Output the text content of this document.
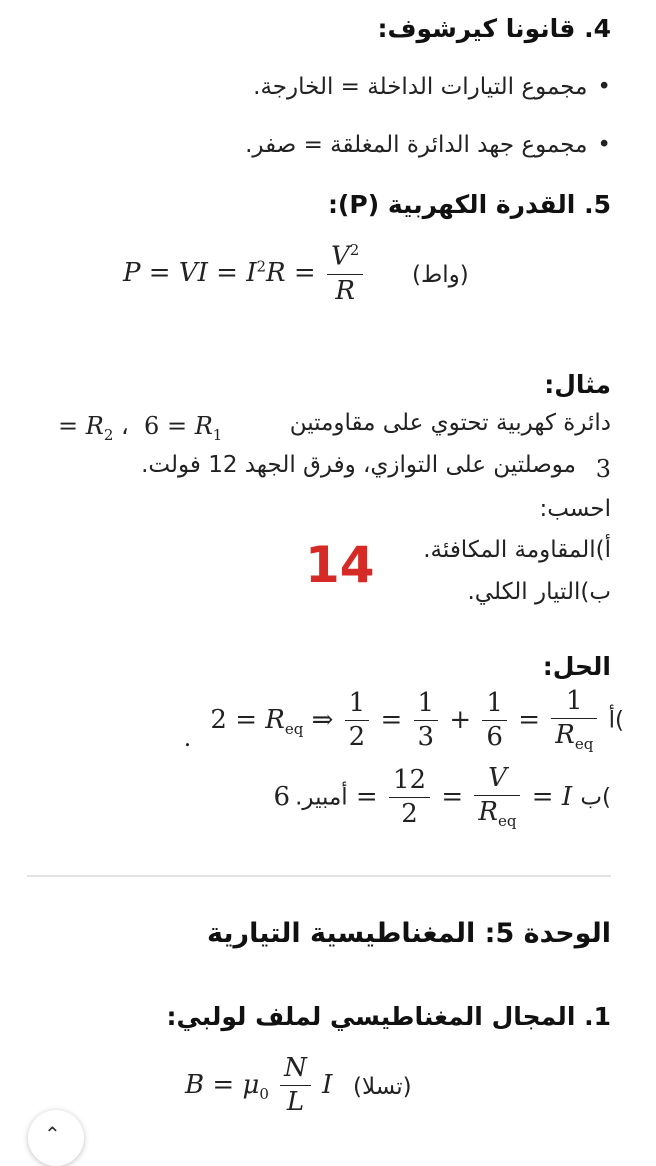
4. قانونا كيرشوف:
• مجموع التيارات الداخلة = الخارجة.
• مجموع جهد الدائرة المغلقة = صفر.
5. القدرة الكهربية (P):
P = VI = $I^2R = \frac{V^2}{R}$ (واط)
مثال:
دائرة كهربية تحتوي على مقاومتين
= $R_2$ ، $6 = R_1$
3
موصلتين على التوازي، وفرق الجهد 12 فولت.
احسب:
أ)المقاومة المكافئة.
ب)التيار الكلي.
14
الحل:
. $2 = R_{eq}$ ⇒ $\frac{1}{2} = \frac{1}{3} + \frac{1}{6} = \frac{1}{R_{eq}}$ أ(
أمبير. $6 = \frac{12}{2} = \frac{V}{R_{eq}} = I$ ب(
الوحدة 5: المغناطيسية التيارية
1. المجال المغناطيسي لملف لولبي:
$B = \mu_0 \frac{N}{L}$ I (تسلا)
⌃
